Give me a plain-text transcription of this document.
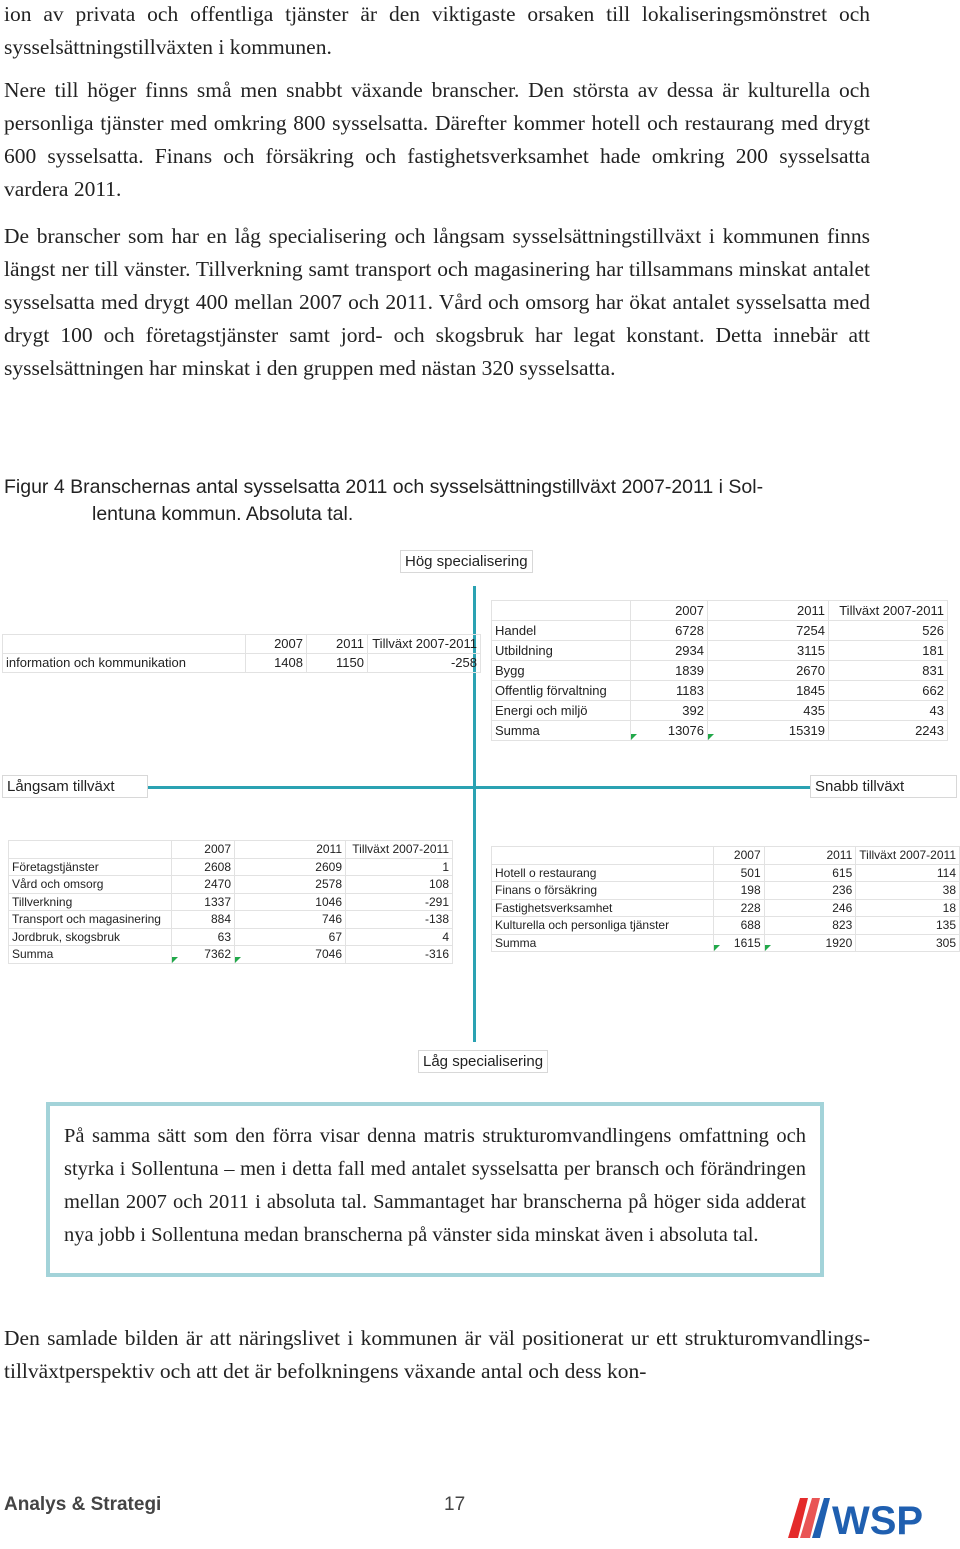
ion av privata och offentliga tjänster är den viktigaste orsaken till lokaliseringsmönstret och sysselsättningstillväxten i kommunen.

Nere till höger finns små men snabbt växande branscher. Den största av dessa är kulturella och personliga tjänster med omkring 800 sysselsatta. Därefter kommer hotell och restaurang med drygt 600 sysselsatta. Finans och försäkring och fastighetsverksamhet hade omkring 200 sysselsatta vardera 2011.

De branscher som har en låg specialisering och långsam sysselsättningstillväxt i kommunen finns längst ner till vänster. Tillverkning samt transport och magasinering har tillsammans minskat antalet sysselsatta med drygt 400 mellan 2007 och 2011. Vård och omsorg har ökat antalet sysselsatta med drygt 100 och företagstjänster samt jord- och skogsbruk har legat konstant. Detta innebär att sysselsättningen har minskat i den gruppen med nästan 320 sysselsatta.

Figur 4 Branschernas antal sysselsatta 2011 och sysselsättningstillväxt 2007-2011 i Sol-
lentuna kommun. Absoluta tal.
Hög specialisering
Låg specialisering
Långsam tillväxt	Snabb tillväxt
	2007	2011	Tillväxt 2007-2011
information och kommunikation	1408	1150	-258
	2007	2011	Tillväxt 2007-2011
Handel	6728	7254	526
Utbildning	2934	3115	181
Bygg	1839	2670	831
Offentlig förvaltning	1183	1845	662
Energi och miljö	392	435	43
Summa	13076	15319	2243
	2007	2011	Tillväxt 2007-2011
Företagstjänster	2608	2609	1
Vård och omsorg	2470	2578	108
Tillverkning	1337	1046	-291
Transport och magasinering	884	746	-138
Jordbruk, skogsbruk	63	67	4
Summa	7362	7046	-316
	2007	2011	Tillväxt 2007-2011
Hotell o restaurang	501	615	114
Finans o försäkring	198	236	38
Fastighetsverksamhet	228	246	18
Kulturella och personliga tjänster	688	823	135
Summa	1615	1920	305

På samma sätt som den förra visar denna matris strukturomvandlingens omfattning och styrka i Sollentuna – men i detta fall med antalet sysselsatta per bransch och förändringen mellan 2007 och 2011 i absoluta tal. Sammantaget har branscherna på höger sida adderat nya jobb i Sollentuna medan branscherna på vänster sida minskat även i absoluta tal.

Den samlade bilden är att näringslivet i kommunen är väl positionerat ur ett strukturomvandlings- tillväxtperspektiv och att det är befolkningens växande antal och dess kon-

Analys & Strategi	17	WSP
